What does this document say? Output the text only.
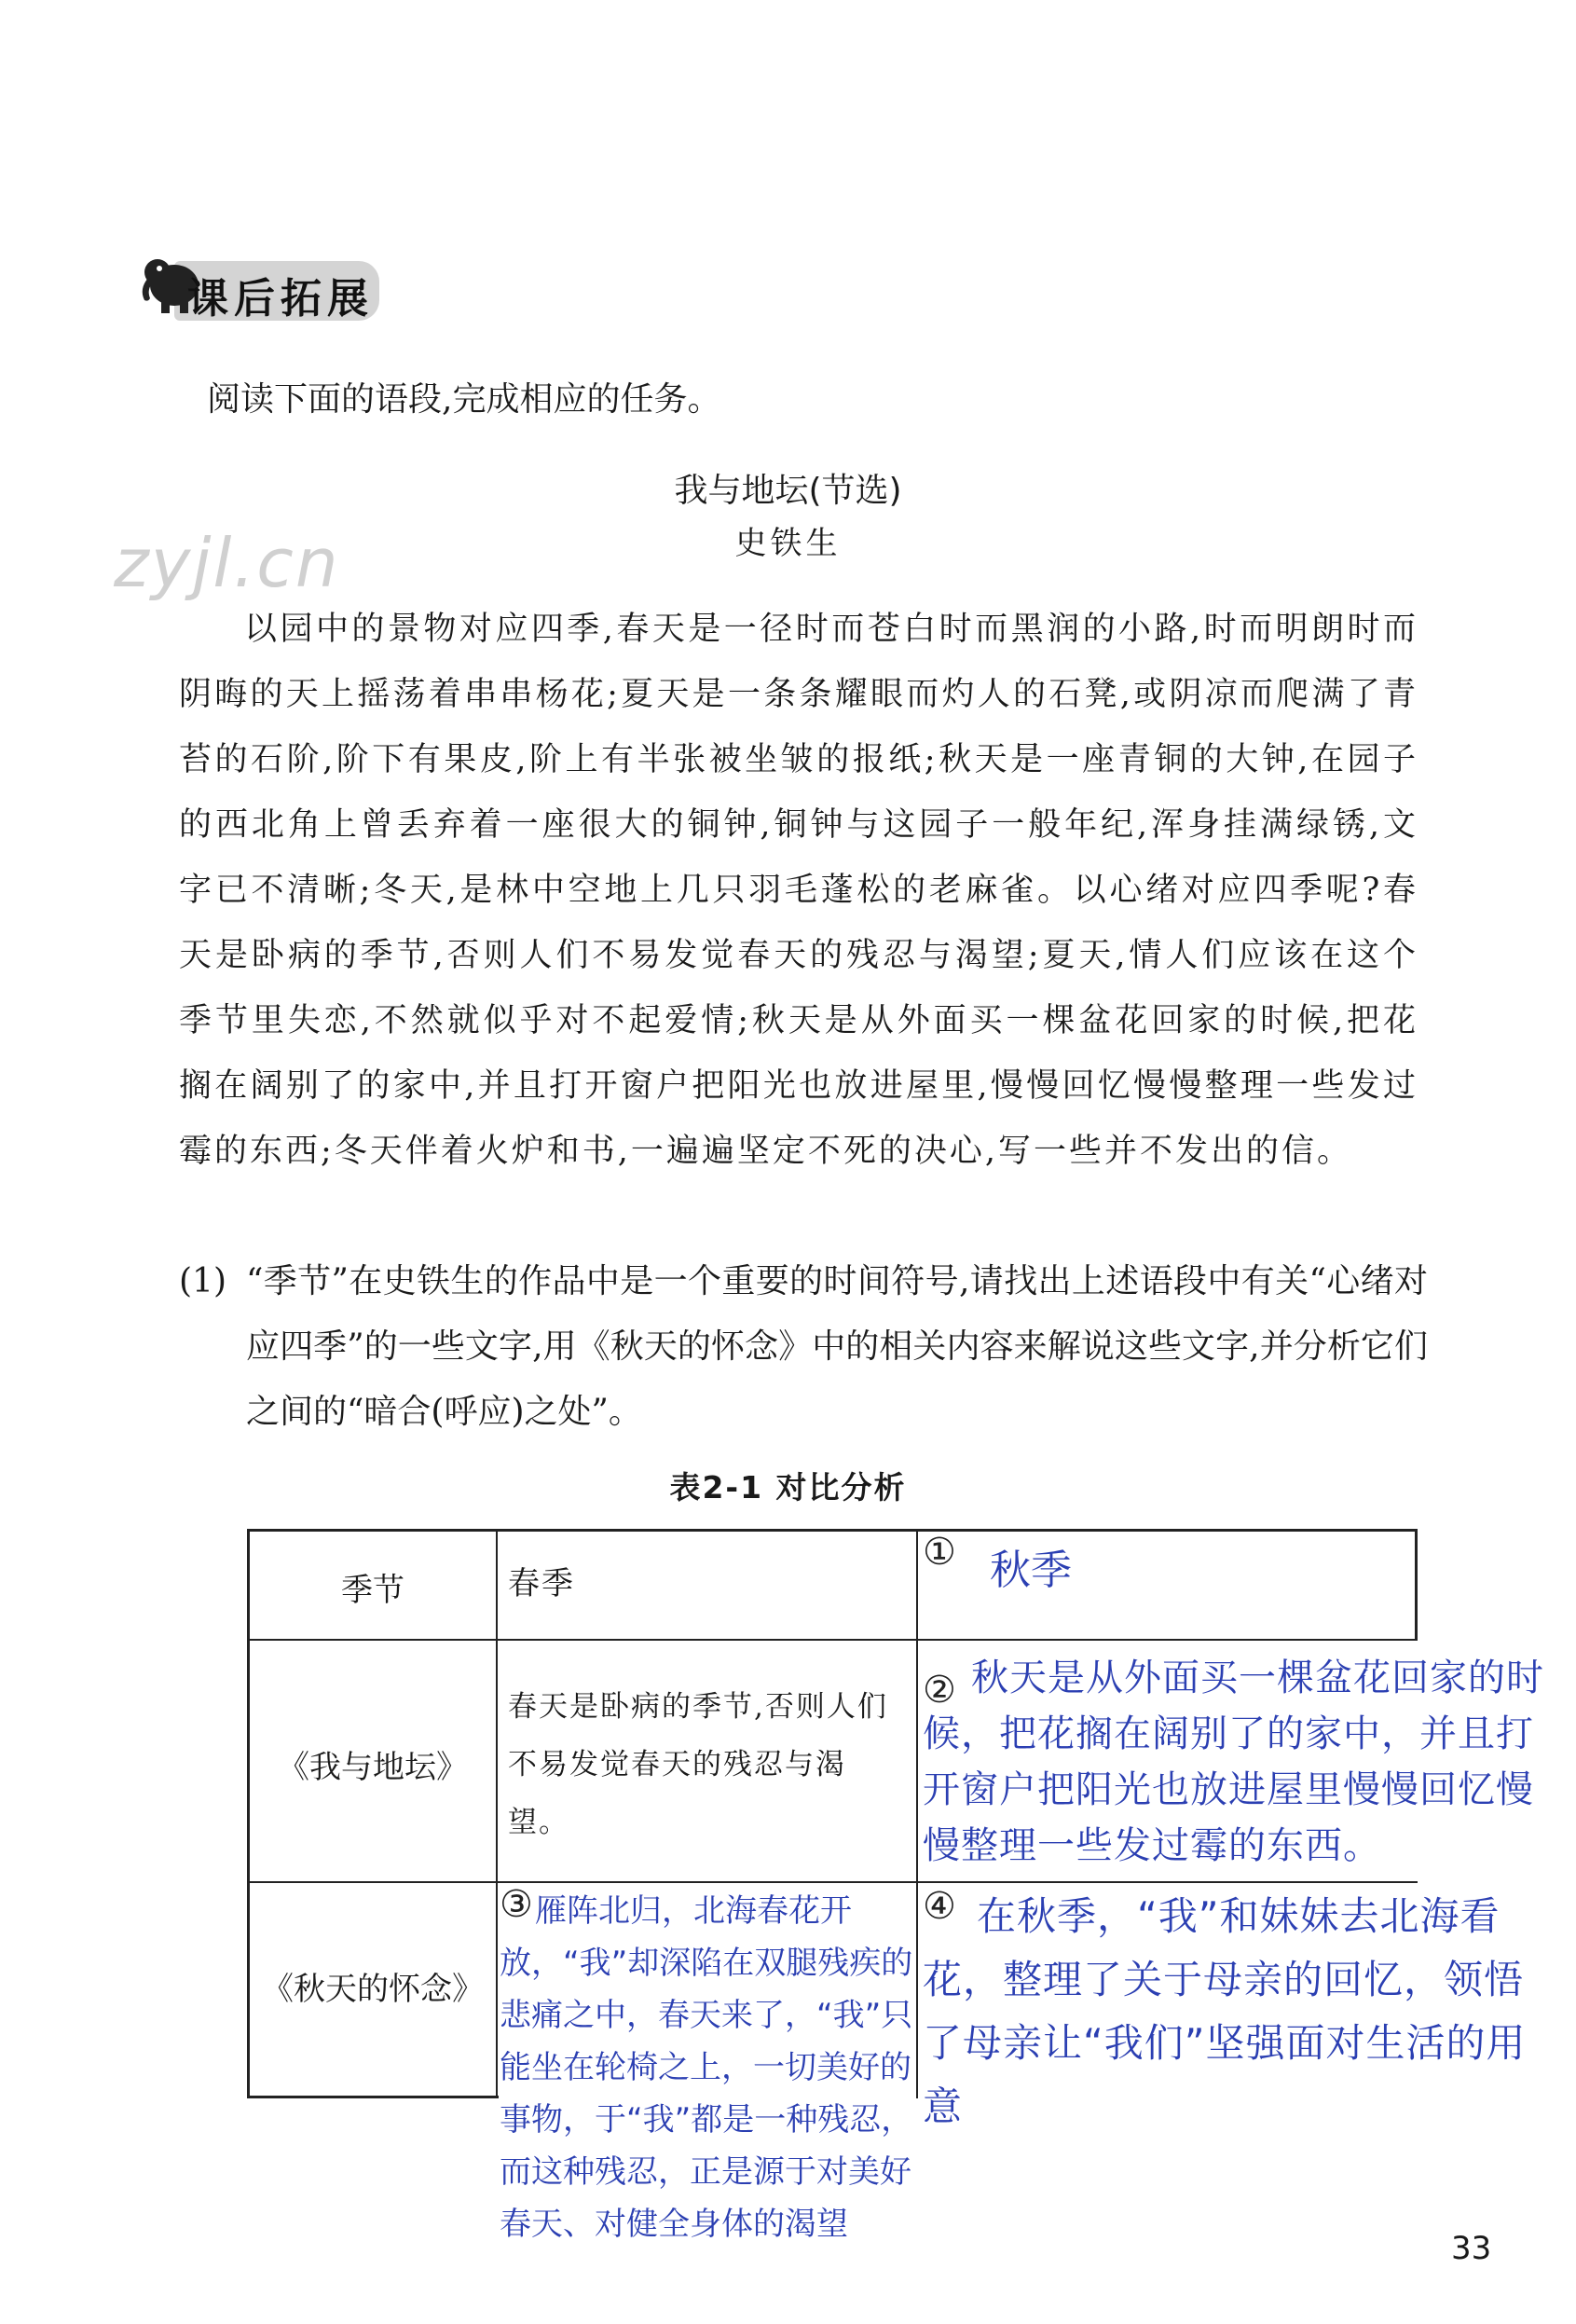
课后拓展
阅读下面的语段,完成相应的任务。
zyjl.cn
我与地坛(节选)
史铁生

以园中的景物对应四季,春天是一径时而苍白时而黑润的小路,时而明朗时而阴晦的天上摇荡着串串杨花;夏天是一条条耀眼而灼人的石凳,或阴凉而爬满了青苔的石阶,阶下有果皮,阶上有半张被坐皱的报纸;秋天是一座青铜的大钟,在园子的西北角上曾丢弃着一座很大的铜钟,铜钟与这园子一般年纪,浑身挂满绿锈,文字已不清晰;冬天,是林中空地上几只羽毛蓬松的老麻雀。以心绪对应四季呢?春天是卧病的季节,否则人们不易发觉春天的残忍与渴望;夏天,情人们应该在这个季节里失恋,不然就似乎对不起爱情;秋天是从外面买一棵盆花回家的时候,把花搁在阔别了的家中,并且打开窗户把阳光也放进屋里,慢慢回忆慢慢整理一些发过霉的东西;冬天伴着火炉和书,一遍遍坚定不死的决心,写一些并不发出的信。

(1) “季节”在史铁生的作品中是一个重要的时间符号,请找出上述语段中有关“心绪对应四季”的一些文字,用《秋天的怀念》中的相关内容来解说这些文字,并分析它们之间的“暗合(呼应)之处”。
表2-1 对比分析
季节
《我与地坛》
《秋天的怀念》
春季
春天是卧病的季节,否则人们不易发觉春天的残忍与渴望。
①
②
③	④
秋季
秋天是从外面买一棵盆花回家的时候，把花搁在阔别了的家中，并且打开窗户把阳光也放进屋里慢慢回忆慢慢整理一些发过霉的东西。
雁阵北归，北海春花开放，“我”却深陷在双腿残疾的悲痛之中，春天来了，“我”只能坐在轮椅之上，一切美好的事物，于“我”都是一种残忍，而这种残忍，正是源于对美好春天、对健全身体的渴望
在秋季，“我”和妹妹去北海看花，整理了关于母亲的回忆，领悟了母亲让“我们”坚强面对生活的用意
33
